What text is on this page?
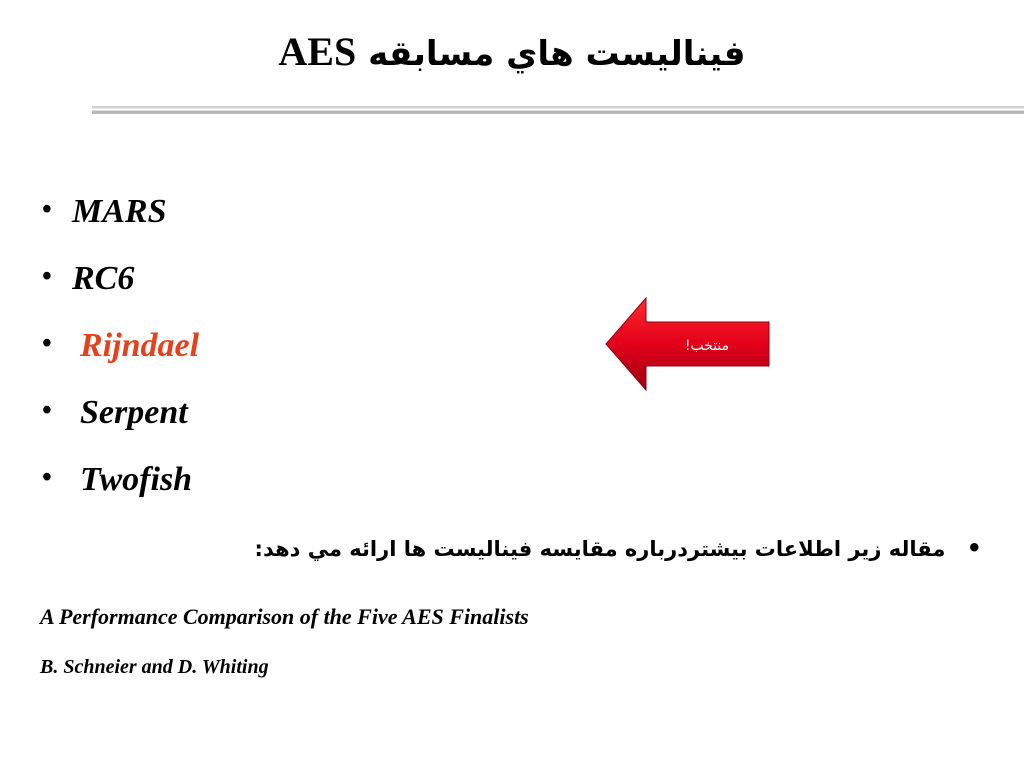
فيناليست هاي مسابقه AES
• MARS
• RC6
• Rijndael
• Serpent
• Twofish
منتخب!
• مقاله زير اطلاعات بيشتردرباره مقايسه فيناليست ها ارائه مي دهد:
A Performance Comparison of the Five AES Finalists
B. Schneier and D. Whiting
